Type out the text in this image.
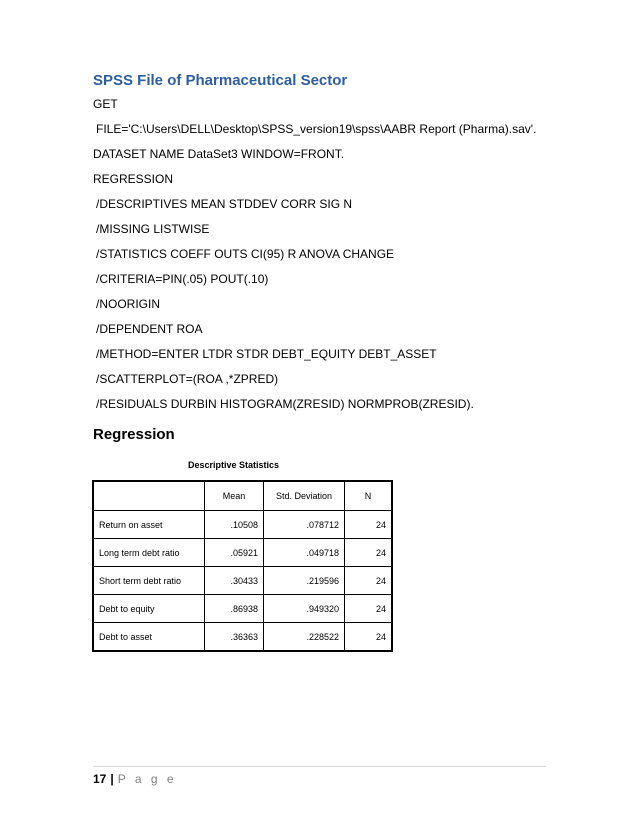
SPSS File of Pharmaceutical Sector
GET
FILE='C:\Users\DELL\Desktop\SPSS_version19\spss\AABR Report (Pharma).sav'.
DATASET NAME DataSet3 WINDOW=FRONT.
REGRESSION
/DESCRIPTIVES MEAN STDDEV CORR SIG N
/MISSING LISTWISE
/STATISTICS COEFF OUTS CI(95) R ANOVA CHANGE
/CRITERIA=PIN(.05) POUT(.10)
/NOORIGIN
/DEPENDENT ROA
/METHOD=ENTER LTDR STDR DEBT_EQUITY DEBT_ASSET
/SCATTERPLOT=(ROA ,*ZPRED)
/RESIDUALS DURBIN HISTOGRAM(ZRESID) NORMPROB(ZRESID).
Regression
Descriptive Statistics
	Mean	Std. Deviation	N
Return on asset	.10508	.078712	24
Long term debt ratio	.05921	.049718	24
Short term debt ratio	.30433	.219596	24
Debt to equity	.86938	.949320	24
Debt to asset	.36363	.228522	24
17 | P a g e
